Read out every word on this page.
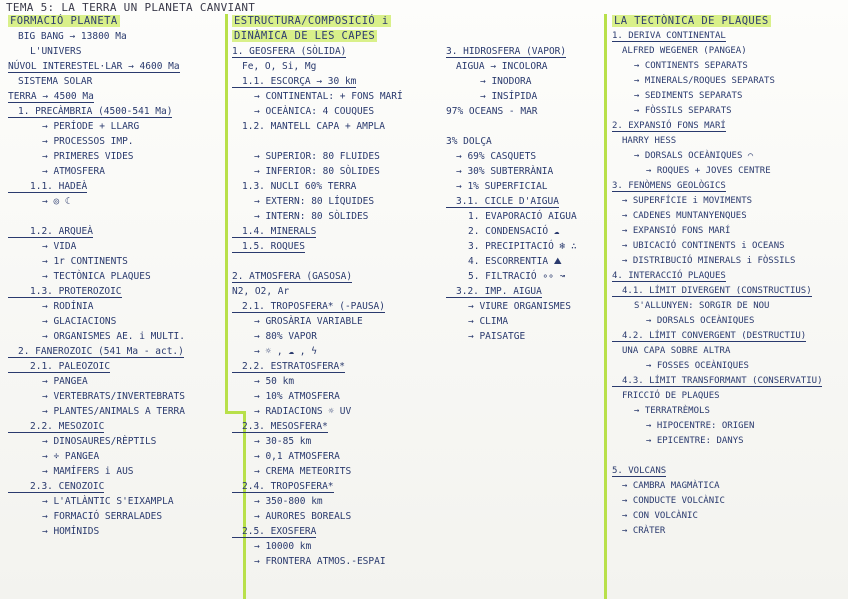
TEMA 5: LA TERRA UN PLANETA CANVIANT
FORMACIÓ PLANETA
BIG BANG → 13800 Ma
L'UNIVERS
NÚVOL INTERESTEL·LAR → 4600 Ma
SISTEMA SOLAR
TERRA → 4500 Ma
1. PRECÀMBRIA (4500-541 Ma)
→ PERÍODE + LLARG
→ PROCESSOS IMP.
→ PRIMERES VIDES
→ ATMOSFERA
1.1. HADEÀ
→ ◎ ☾
1.2. ARQUEÀ
→ VIDA
→ 1r CONTINENTS
→ TECTÒNICA PLAQUES
1.3. PROTEROZOIC
→ RODÍNIA
→ GLACIACIONS
→ ORGANISMES AE. i MULTI.
2. FANEROZOIC (541 Ma - act.)
2.1. PALEOZOIC
→ PANGEA
→ VERTEBRATS/INVERTEBRATS
→ PLANTES/ANIMALS A TERRA
2.2. MESOZOIC
→ DINOSAURES/RÈPTILS
→ ÷ PANGEA
→ MAMÍFERS i AUS
2.3. CENOZOIC
→ L'ATLÀNTIC S'EIXAMPLA
→ FORMACIÓ SERRALADES
→ HOMÍNIDS
ESTRUCTURA/COMPOSICIÓ i
DINÀMICA DE LES CAPES
1. GEOSFERA (SÒLIDA)
Fe, O, Si, Mg
1.1. ESCORÇA → 30 km
→ CONTINENTAL: + FONS MARÍ
→ OCEÀNICA: 4 COUQUES
1.2. MANTELL CAPA + AMPLA
→ SUPERIOR: 80 FLUIDES
→ INFERIOR: 80 SÒLIDES
1.3. NUCLI 60% TERRA
→ EXTERN: 80 LÍQUIDES
→ INTERN: 80 SÒLIDES
1.4. MINERALS
1.5. ROQUES
2. ATMOSFERA (GASOSA)
N2, O2, Ar
2.1. TROPOSFERA* (-PAUSA)
→ GROSÀRIA VARIABLE
→ 80% VAPOR
→ ☼ , ☁ , ϟ
2.2. ESTRATOSFERA*
→ 50 km
→ 10% ATMOSFERA
→ RADIACIONS ☼ UV
2.3. MESOSFERA*
→ 30-85 km
→ 0,1 ATMOSFERA
→ CREMA METEORITS
2.4. TROPOSFERA*
→ 350-800 km
→ AURORES BOREALS
2.5. EXOSFERA
→ 10000 km
→ FRONTERA ATMOS.-ESPAI
3. HIDROSFERA (VAPOR)
AIGUA → INCOLORA
→ INODORA
→ INSÍPIDA
97% OCEANS - MAR
3% DOLÇA
→ 69% CASQUETS
→ 30% SUBTERRÀNIA
→ 1% SUPERFICIAL
3.1. CICLE D'AIGUA
1. EVAPORACIÓ AIGUA
2. CONDENSACIÓ ☁
3. PRECIPITACIÓ ❄ ∴
4. ESCORRENTIA ⛰
5. FILTRACIÓ ∘∘ ↝
3.2. IMP. AIGUA
→ VIURE ORGANISMES
→ CLIMA
→ PAISATGE
LA TECTÒNICA DE PLAQUES
1. DERIVA CONTINENTAL
ALFRED WEGENER (PANGEA)
→ CONTINENTS SEPARATS
→ MINERALS/ROQUES SEPARATS
→ SEDIMENTS SEPARATS
→ FÒSSILS SEPARATS
2. EXPANSIÓ FONS MARÍ
HARRY HESS
→ DORSALS OCEÀNIQUES ⌒
→ ROQUES + JOVES CENTRE
3. FENÒMENS GEOLÒGICS
→ SUPERFÍCIE i MOVIMENTS
→ CADENES MUNTANYENQUES
→ EXPANSIÓ FONS MARÍ
→ UBICACIÓ CONTINENTS i OCEANS
→ DISTRIBUCIÓ MINERALS i FÒSSILS
4. INTERACCIÓ PLAQUES
4.1. LÍMIT DIVERGENT (CONSTRUCTIUS)
S'ALLUNYEN: SORGIR DE NOU
→ DORSALS OCEÀNIQUES
4.2. LÍMIT CONVERGENT (DESTRUCTIU)
UNA CAPA SOBRE ALTRA
→ FOSSES OCEÀNIQUES
4.3. LÍMIT TRANSFORMANT (CONSERVATIU)
FRICCIÓ DE PLAQUES
→ TERRATRÈMOLS
→ HIPOCENTRE: ORIGEN
→ EPICENTRE: DANYS
5. VOLCANS
→ CAMBRA MAGMÀTICA
→ CONDUCTE VOLCÀNIC
→ CON VOLCÀNIC
→ CRÀTER
